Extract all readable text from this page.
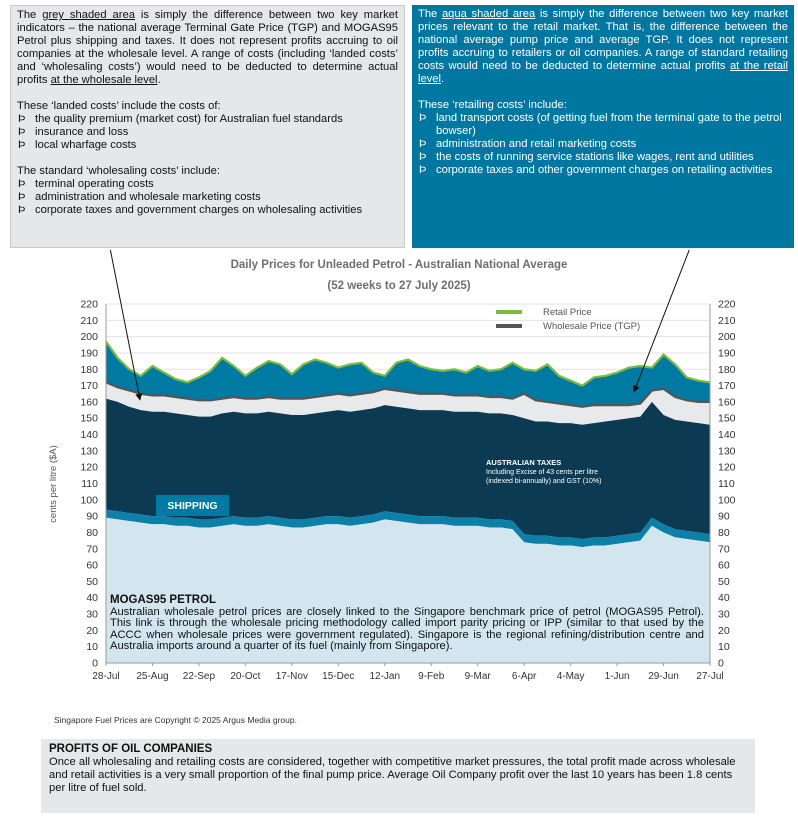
The grey shaded area is simply the difference between two key market indicators – the national average Terminal Gate Price (TGP) and MOGAS95 Petrol plus shipping and taxes. It does not represent profits accruing to oil companies at the wholesale level. A range of costs (including ‘landed costs’ and ‘wholesaling costs’) would need to be deducted to determine actual profits at the wholesale level.

These ‘landed costs’ include the costs of:
Þ the quality premium (market cost) for Australian fuel standards
Þ insurance and loss
Þ local wharfage costs
The standard ‘wholesaling costs’ include:
Þ terminal operating costs
Þ administration and wholesale marketing costs
Þ corporate taxes and government charges on wholesaling activities

The aqua shaded area is simply the difference between two key market prices relevant to the retail market. That is, the difference between the national average pump price and average TGP. It does not represent profits accruing to retailers or oil companies. A range of standard retailing costs would need to be deducted to determine actual profits at the retail level.

These ‘retailing costs’ include:
Þ land transport costs (of getting fuel from the terminal gate to the petrol bowser)
Þ administration and retail marketing costs
Þ the costs of running service stations like wages, rent and utilities
Þ corporate taxes and other government charges on retailing activities
Daily Prices for Unleaded Petrol - Australian National Average
(52 weeks to 27 July 2025)
0	0
10	10
20	20
30	30
40	40
50	50
60	60
70	70
80	80
90	90
100	100
110	110
120	120
130	130
140	140
150	150
160	160
170	170
180	180
190	190
200	200
210	210
220	220
28-Jul 25-Aug 22-Sep 20-Oct 17-Nov 15-Dec 12-Jan 9-Feb 9-Mar 6-Apr 4-May 1-Jun 29-Jun 27-Jul
cents per litre ($A)
Retail Price
Wholesale Price (TGP)
SHIPPING
AUSTRALIAN TAXES
Including Excise of 43 cents per litre
(indexed bi-annually) and GST (10%)
MOGAS95 PETROL
Australian wholesale petrol prices are closely linked to the Singapore benchmark price of petrol (MOGAS95 Petrol). This link is through the wholesale pricing methodology called import parity pricing or IPP (similar to that used by the ACCC when wholesale prices were government regulated). Singapore is the regional refining/distribution centre and Australia imports around a quarter of its fuel (mainly from Singapore).
Singapore Fuel Prices are Copyright © 2025 Argus Media group.
PROFITS OF OIL COMPANIES
Once all wholesaling and retailing costs are considered, together with competitive market pressures, the total profit made across wholesale and retail activities is a very small proportion of the final pump price. Average Oil Company profit over the last 10 years has been 1.8 cents per litre of fuel sold.
